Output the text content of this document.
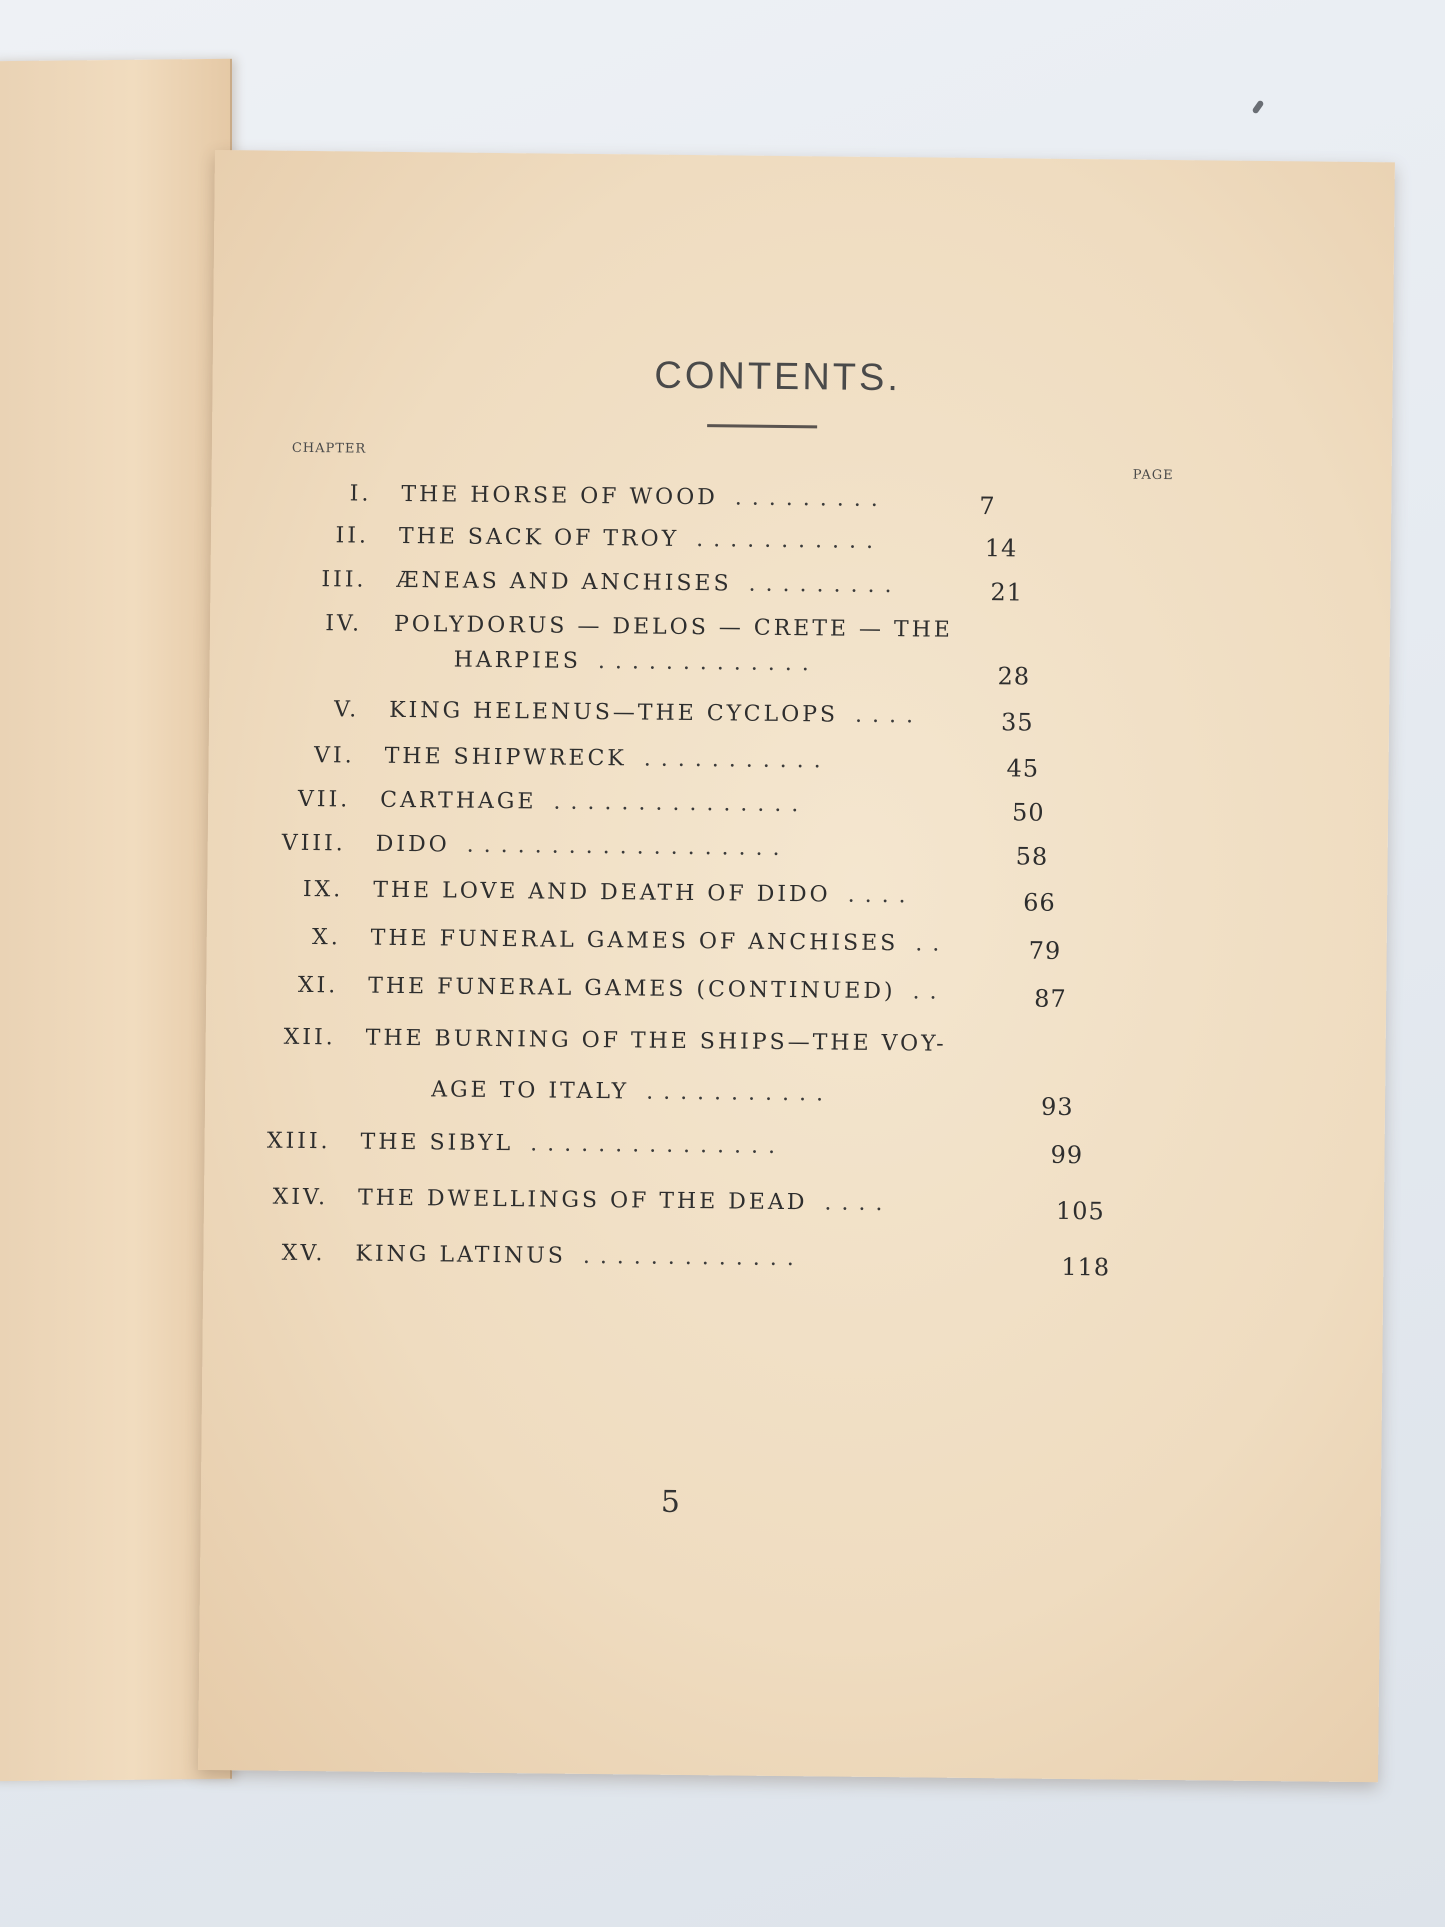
CONTENTS.
CHAPTER
PAGE
I. THE HORSE OF WOOD .........	7
II. THE SACK OF TROY ...........	14
III. ÆNEAS AND ANCHISES .........	21
IV. POLYDORUS — DELOS — CRETE — THE
HARPIES .............	28
V. KING HELENUS—THE CYCLOPS ....	35
VI. THE SHIPWRECK ...........	45
VII. CARTHAGE ...............	50
VIII. DIDO ...................	58
IX. THE LOVE AND DEATH OF DIDO ....	66
X. THE FUNERAL GAMES OF ANCHISES ..	79
XI. THE FUNERAL GAMES (CONTINUED) ..	87
XII. THE BURNING OF THE SHIPS—THE VOY-
AGE TO ITALY ...........	93
XIII. THE SIBYL ...............	99
XIV. THE DWELLINGS OF THE DEAD ....	105
XV. KING LATINUS .............	118
5
